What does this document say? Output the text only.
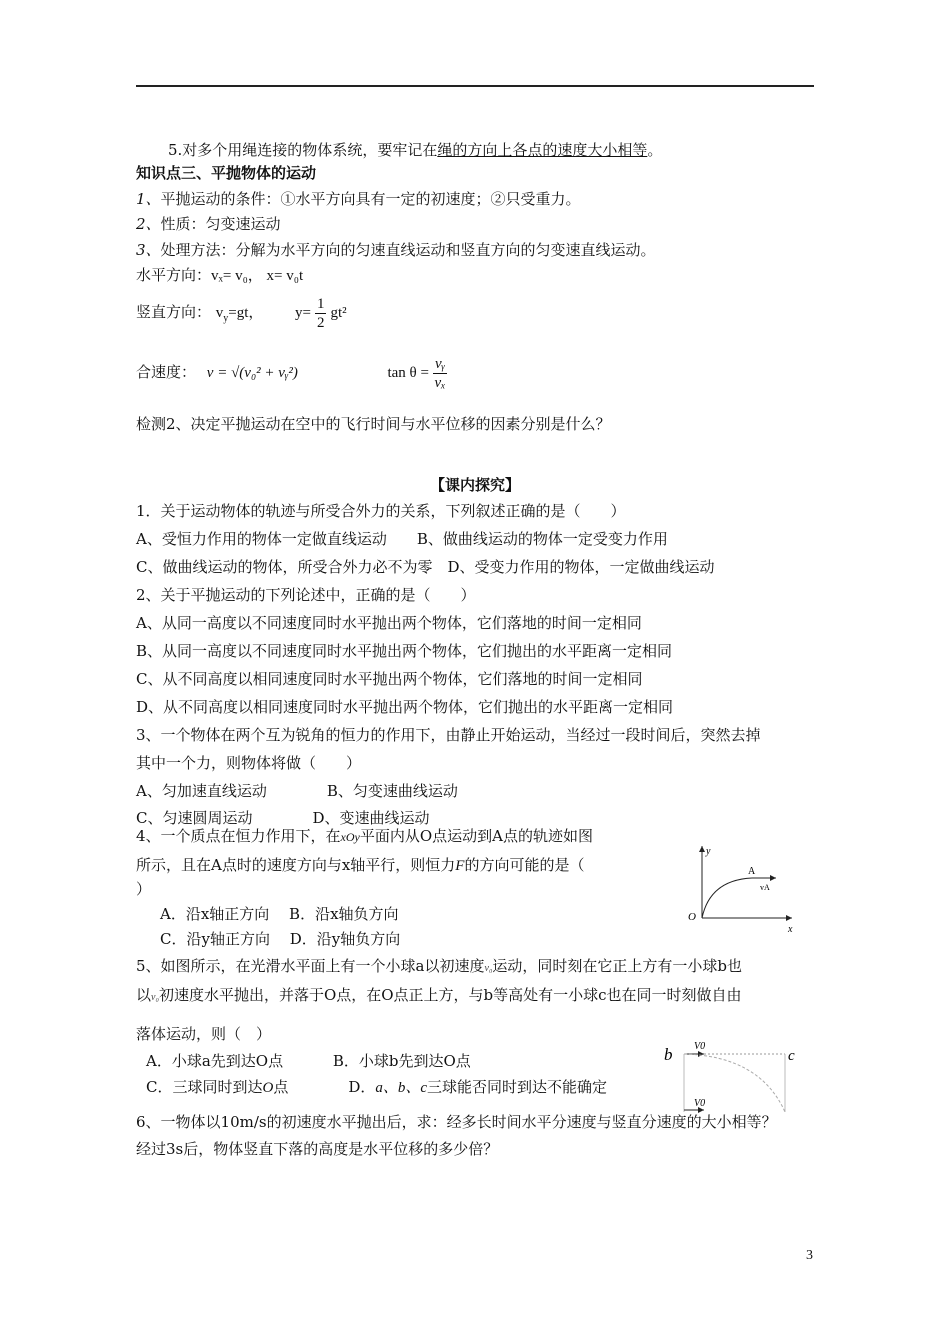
5.对多个用绳连接的物体系统，要牢记在绳的方向上各点的速度大小相等。
知识点三、平抛物体的运动
1、平抛运动的条件：①水平方向具有一定的初速度；②只受重力。
2、性质：匀变速运动
3、处理方法：分解为水平方向的匀速直线运动和竖直方向的匀变速直线运动。
水平方向：vₓ= v₀， x= v₀t
竖直方向： $v_y=gt$， $y= \frac{1}{2} gt^2$
合速度： v = √(v₀² + vᵧ²)	$\tan \theta = \frac{\text{vᵧ}}{\text{vₓ}}$
检测2、决定平抛运动在空中的飞行时间与水平位移的因素分别是什么？
【课内探究】
1．关于运动物体的轨迹与所受合外力的关系，下列叙述正确的是（　　）
A、受恒力作用的物体一定做直线运动　　B、做曲线运动的物体一定受变力作用
C、做曲线运动的物体，所受合外力必不为零　D、受变力作用的物体，一定做曲线运动
2、关于平抛运动的下列论述中，正确的是（　　）
A、从同一高度以不同速度同时水平抛出两个物体，它们落地的时间一定相同
B、从同一高度以不同速度同时水平抛出两个物体，它们抛出的水平距离一定相同
C、从不同高度以相同速度同时水平抛出两个物体，它们落地的时间一定相同
D、从不同高度以相同速度同时水平抛出两个物体，它们抛出的水平距离一定相同
3、一个物体在两个互为锐角的恒力的作用下，由静止开始运动，当经过一段时间后，突然去掉
其中一个力，则物体将做（　　）
A、匀加速直线运动　　　　B、匀变速曲线运动
C、匀速圆周运动　　　　D、变速曲线运动
4、一个质点在恒力作用下，在xOy平面内从O点运动到A点的轨迹如图
所示，且在A点时的速度方向与x轴平行，则恒力F的方向可能的是（
）
A．沿x轴正方向　 B．沿x轴负方向
C．沿y轴正方向　 D．沿y轴负方向
y
x
O
A
vA
5、如图所示，在光滑水平面上有一个小球a以初速度v₀运动，同时刻在它正上方有一小球b也
以v₀初速度水平抛出，并落于O点，在O点正上方，与b等高处有一小球c也在同一时刻做自由
落体运动，则（　）
A．小球a先到达O点　　　 B．小球b先到达O点
C．三球同时到达O点　　　　D．a、b、c三球能否同时到达不能确定
b	c
V0
V0
6、一物体以10m/s的初速度水平抛出后，求：经多长时间水平分速度与竖直分速度的大小相等？
经过3s后，物体竖直下落的高度是水平位移的多少倍？
3
